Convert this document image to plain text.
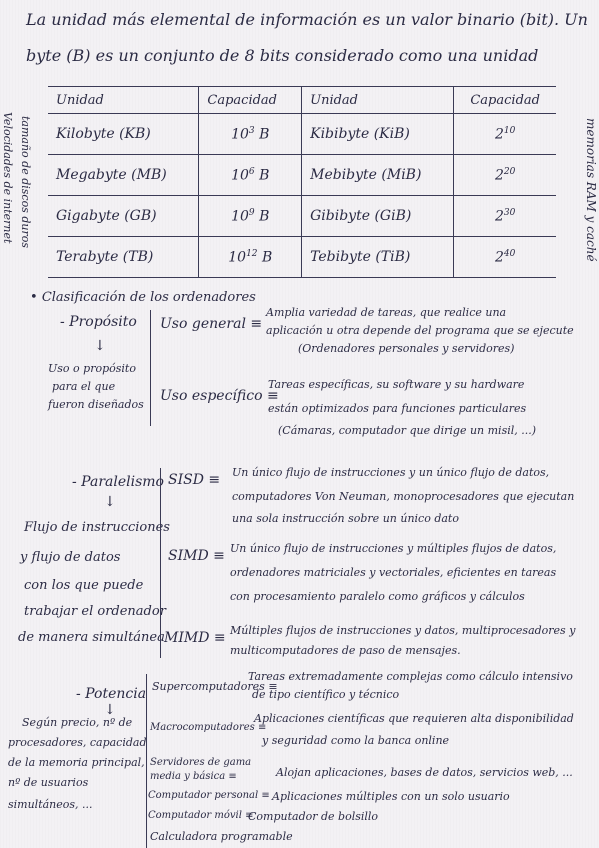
La unidad más elemental de información es un valor binario (bit). Un
byte (B) es un conjunto de 8 bits considerado como una unidad
Velocidades de internet tamaño de discos duros	memorias RAM y caché
Unidad	Capacidad	Unidad	Capacidad
Kilobyte (KB)	$10^3$ B	Kibibyte (KiB)	$2^{10}$
Megabyte (MB)	$10^6$ B	Mebibyte (MiB)	$2^{20}$
Gigabyte (GB)	$10^9$ B	Gibibyte (GiB)	$2^{30}$
Terabyte (TB)	$10^{12}$ B	Tebibyte (TiB)	$2^{40}$
• Clasificación de los ordenadores
- Propósito
↓
Uso o propósito
para el que
fueron diseñados
Uso general ≡
Amplia variedad de tareas, que realice una
aplicación u otra depende del programa que se ejecute
(Ordenadores personales y servidores)
Uso específico ≡
Tareas específicas, su software y su hardware
están optimizados para funciones particulares
(Cámaras, computador que dirige un misil, ...)
- Paralelismo
↓
Flujo de instrucciones
y flujo de datos
con los que puede
trabajar el ordenador
de manera simultánea
SISD ≡ Un único flujo de instrucciones y un único flujo de datos,
computadores Von Neuman, monoprocesadores que ejecutan
una sola instrucción sobre un único dato
SIMD ≡ Un único flujo de instrucciones y múltiples flujos de datos,
ordenadores matriciales y vectoriales, eficientes en tareas
con procesamiento paralelo como gráficos y cálculos
MIMD ≡ Múltiples flujos de instrucciones y datos, multiprocesadores y
multicomputadores de paso de mensajes.
- Potencia
↓
Según precio, nº de
procesadores, capacidad
de la memoria principal,
nº de usuarios
simultáneos, ...
Supercomputadores ≡
Tareas extremadamente complejas como cálculo intensivo
de tipo científico y técnico
Macrocomputadores ≡
Aplicaciones científicas que requieren alta disponibilidad
y seguridad como la banca online
Servidores de gama media y básica ≡	Alojan aplicaciones, bases de datos, servicios web, ...
Computador personal ≡ Aplicaciones múltiples con un solo usuario
Computador móvil ≡
Computador de bolsillo
Calculadora programable
